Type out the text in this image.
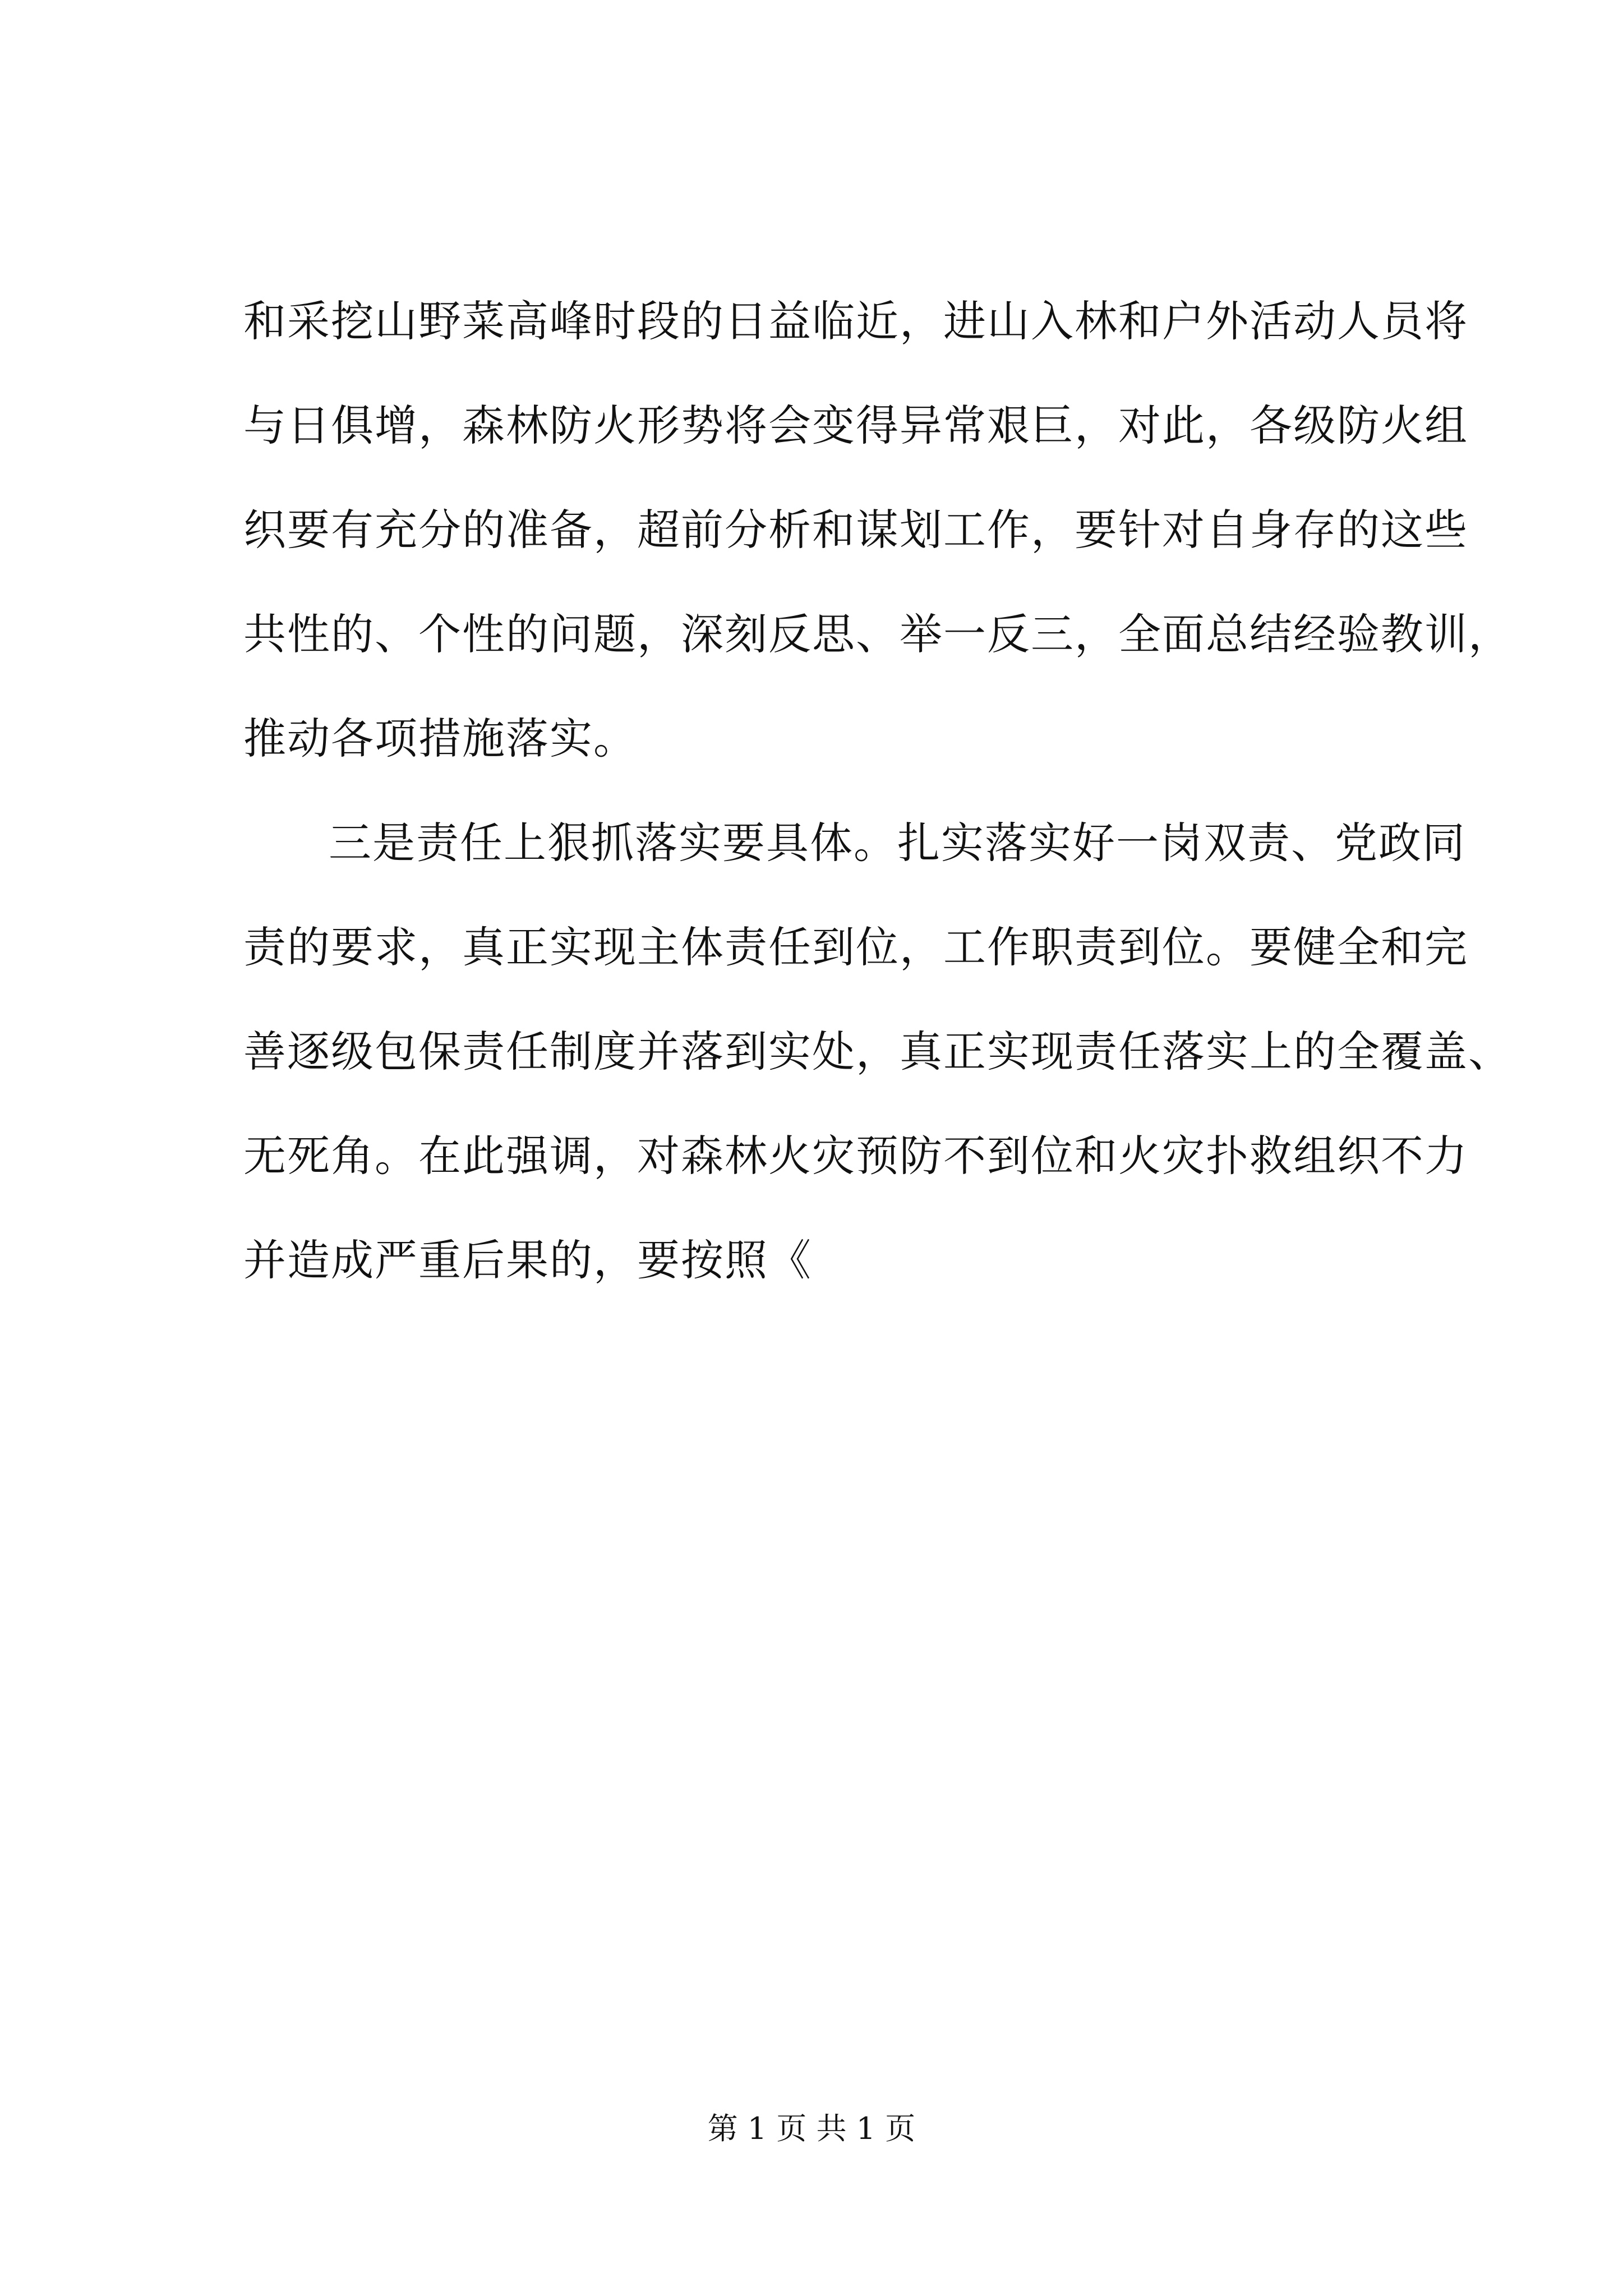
和采挖山野菜高峰时段的日益临近，进山入林和户外活动人员将
与日俱增，森林防火形势将会变得异常艰巨，对此，各级防火组
织要有充分的准备，超前分析和谋划工作，要针对自身存的这些
共性的、个性的问题，深刻反思、举一反三，全面总结经验教训，
推动各项措施落实。
三是责任上狠抓落实要具体。扎实落实好一岗双责、党政同
责的要求，真正实现主体责任到位，工作职责到位。要健全和完
善逐级包保责任制度并落到实处，真正实现责任落实上的全覆盖、
无死角。在此强调，对森林火灾预防不到位和火灾扑救组织不力
并造成严重后果的，要按照《
第 1 页 共 1 页
